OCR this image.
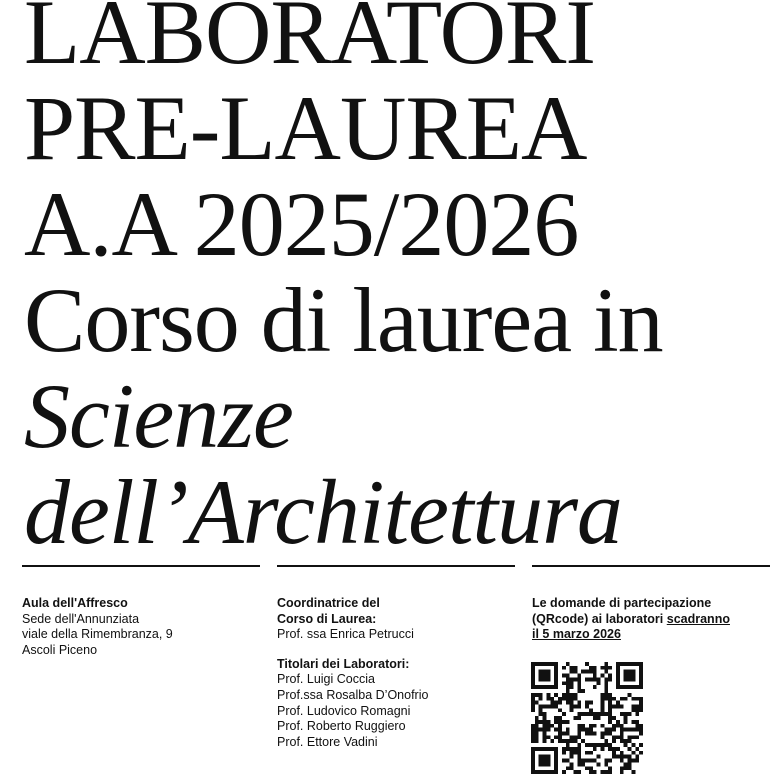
LABORATORI
PRE-LAUREA
A.A 2025/2026
Corso di laurea in
Scienze
dell’Architettura
Aula dell'Affresco
Sede dell'Annunziata
viale della Rimembranza, 9
Ascoli Piceno
Coordinatrice del
Corso di Laurea:
Prof. ssa Enrica Petrucci
Titolari dei Laboratori:
Prof. Luigi Coccia
Prof.ssa Rosalba D’Onofrio
Prof. Ludovico Romagni
Prof. Roberto Ruggiero
Prof. Ettore Vadini
Le domande di partecipazione
(QRcode) ai laboratori scadranno
il 5 marzo 2026
